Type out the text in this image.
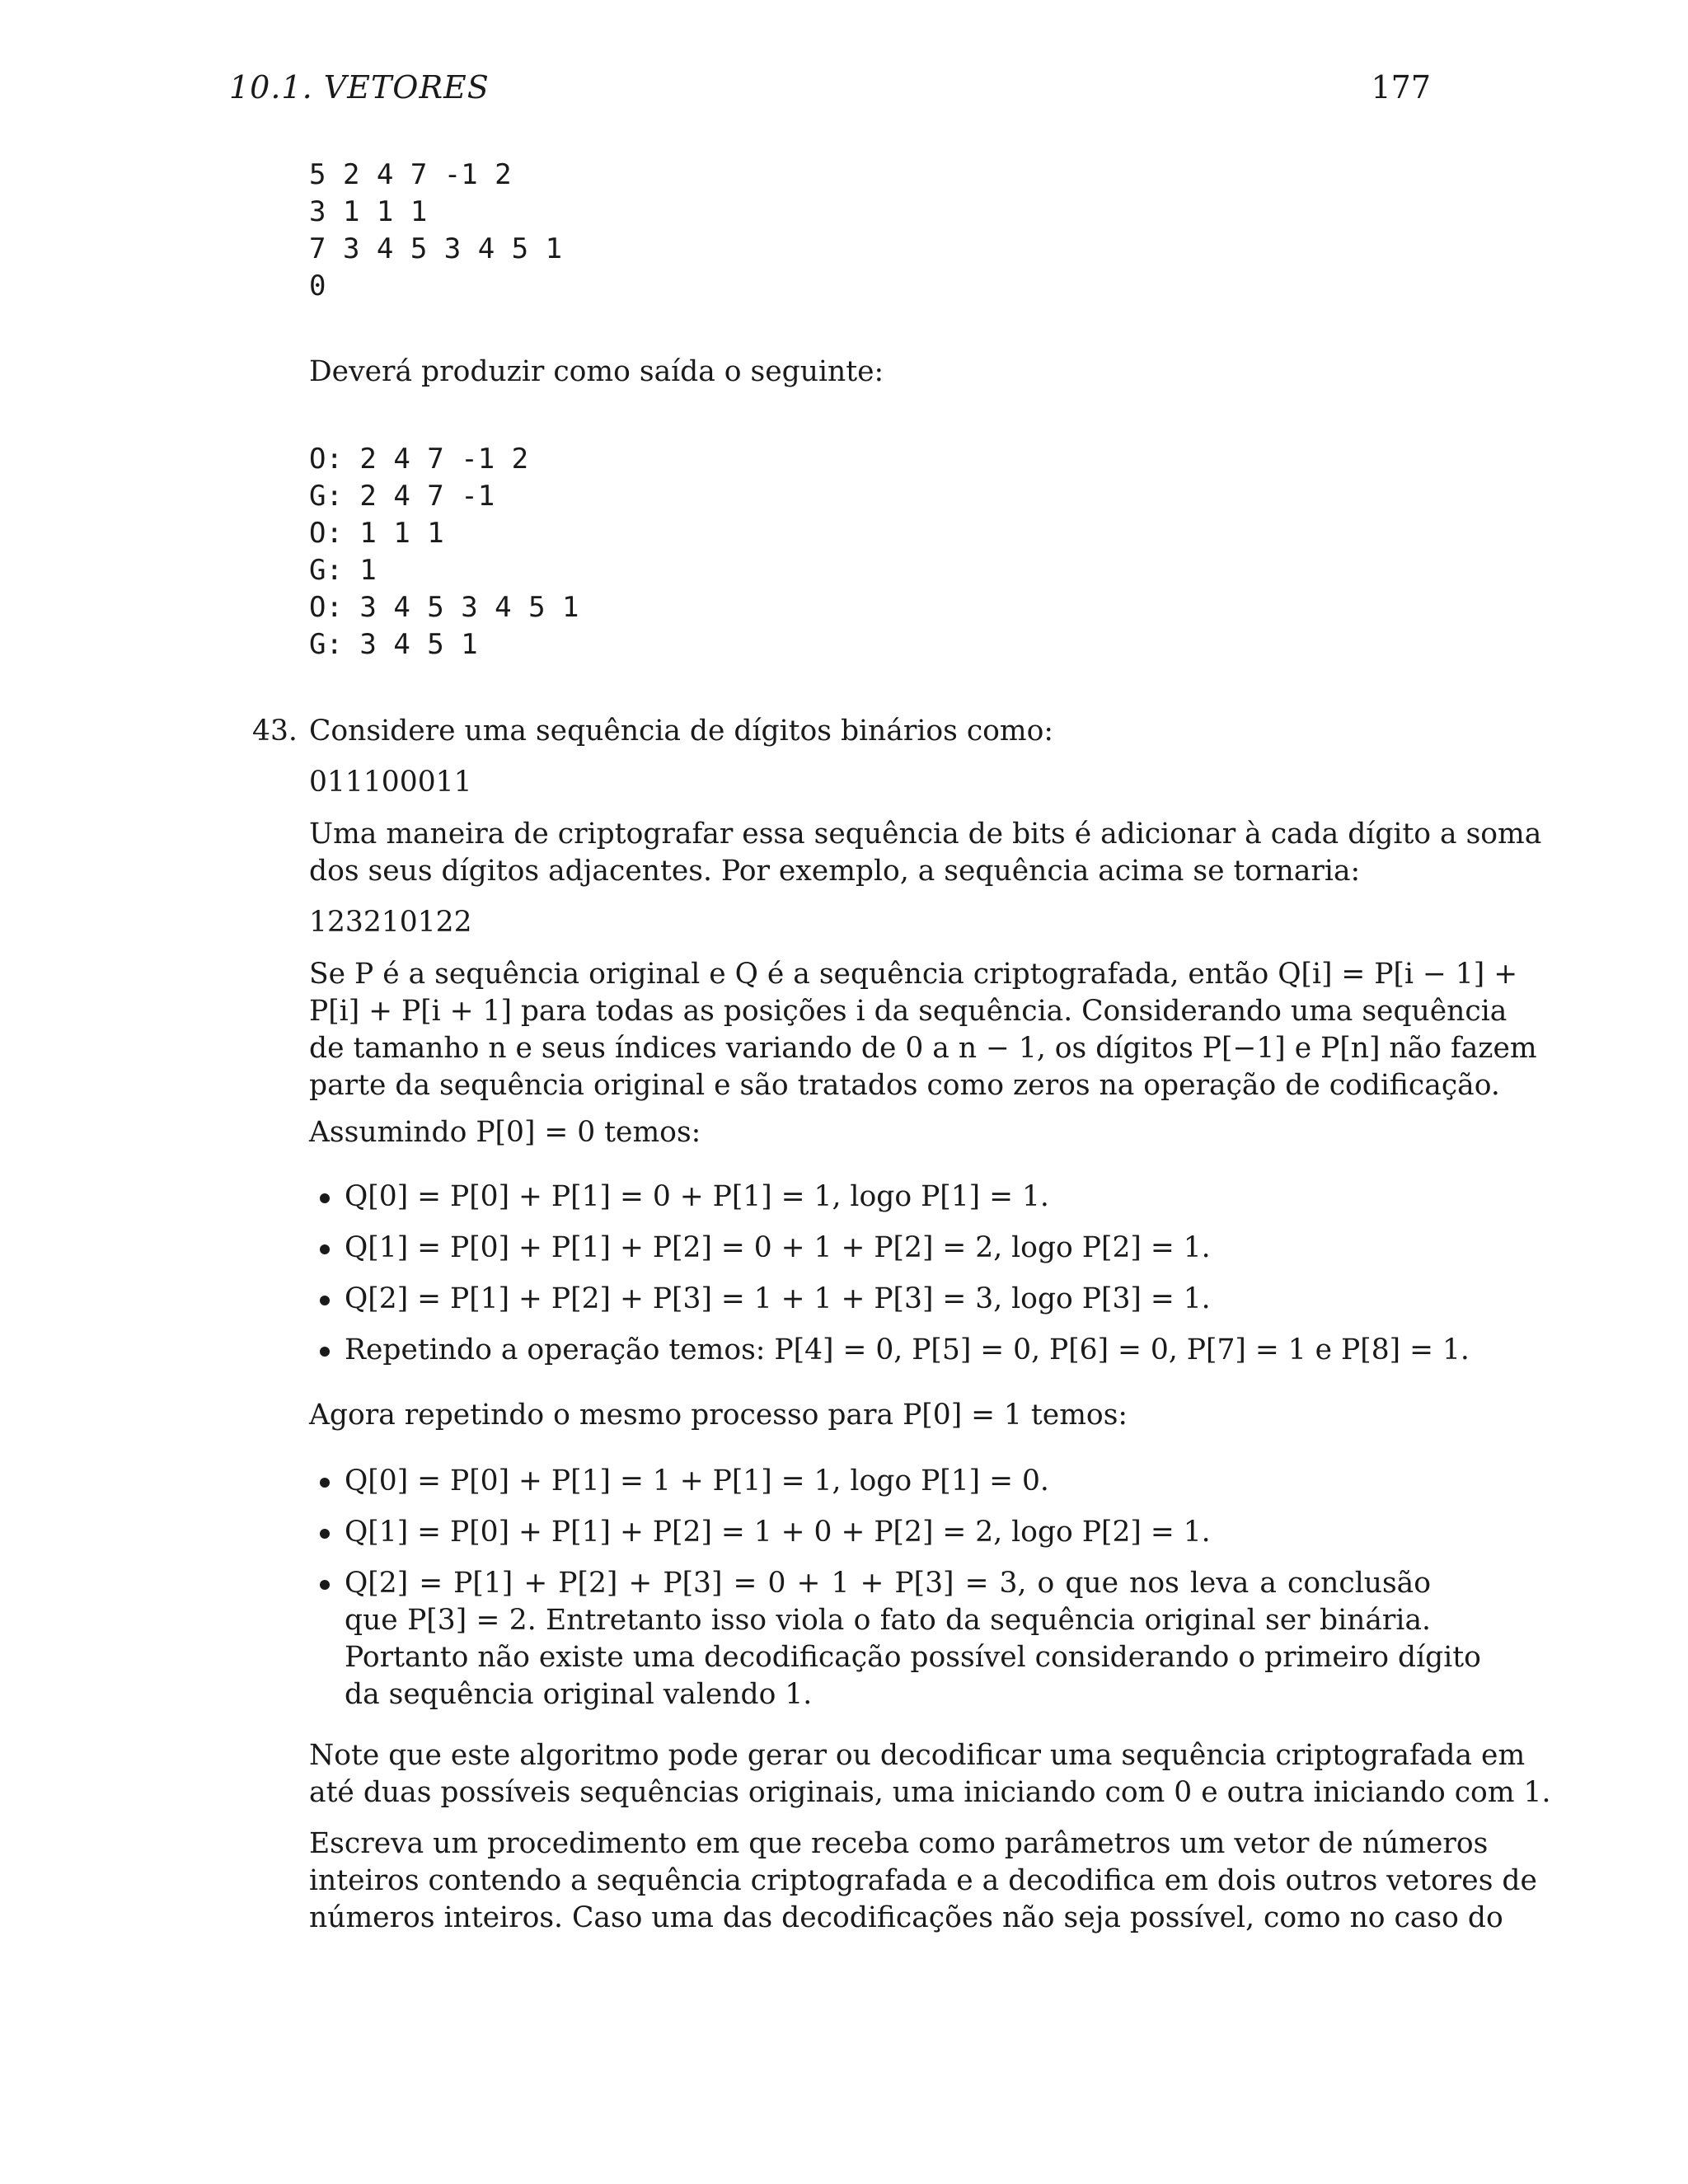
10.1. VETORES	177
5 2 4 7 -1 2
3 1 1 1
7 3 4 5 3 4 5 1
0
Deverá produzir como saída o seguinte:
O: 2 4 7 -1 2
G: 2 4 7 -1
O: 1 1 1
G: 1
O: 3 4 5 3 4 5 1
G: 3 4 5 1
43. Considere uma sequência de dígitos binários como:
011100011
Uma maneira de criptografar essa sequência de bits é adicionar à cada dígito a soma
dos seus dígitos adjacentes. Por exemplo, a sequência acima se tornaria:
123210122
Se P é a sequência original e Q é a sequência criptografada, então Q[i] = P[i − 1] +
P[i] + P[i + 1] para todas as posições i da sequência. Considerando uma sequência
de tamanho n e seus índices variando de 0 a n − 1, os dígitos P[−1] e P[n] não fazem
parte da sequência original e são tratados como zeros na operação de codificação.
Assumindo P[0] = 0 temos:
Q[0] = P[0] + P[1] = 0 + P[1] = 1, logo P[1] = 1.
Q[1] = P[0] + P[1] + P[2] = 0 + 1 + P[2] = 2, logo P[2] = 1.
Q[2] = P[1] + P[2] + P[3] = 1 + 1 + P[3] = 3, logo P[3] = 1.
Repetindo a operação temos: P[4] = 0, P[5] = 0, P[6] = 0, P[7] = 1 e P[8] = 1.
Agora repetindo o mesmo processo para P[0] = 1 temos:
Q[0] = P[0] + P[1] = 1 + P[1] = 1, logo P[1] = 0.
Q[1] = P[0] + P[1] + P[2] = 1 + 0 + P[2] = 2, logo P[2] = 1.
Q[2] = P[1] + P[2] + P[3] = 0 + 1 + P[3] = 3, o que nos leva a conclusão
que P[3] = 2. Entretanto isso viola o fato da sequência original ser binária.
Portanto não existe uma decodificação possível considerando o primeiro dígito
da sequência original valendo 1.
Note que este algoritmo pode gerar ou decodificar uma sequência criptografada em
até duas possíveis sequências originais, uma iniciando com 0 e outra iniciando com 1.
Escreva um procedimento em que receba como parâmetros um vetor de números
inteiros contendo a sequência criptografada e a decodifica em dois outros vetores de
números inteiros. Caso uma das decodificações não seja possível, como no caso do
